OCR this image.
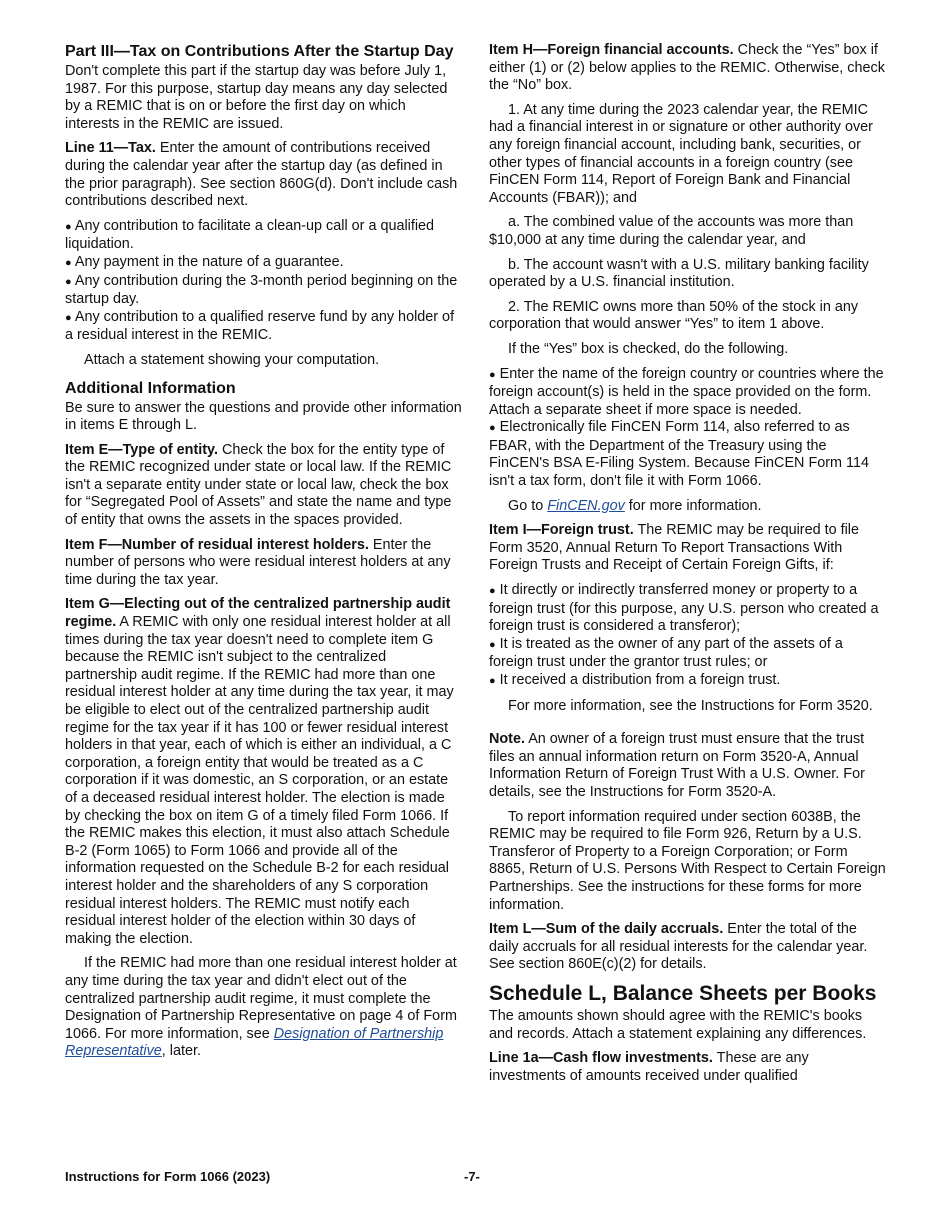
Part III—Tax on Contributions After the Startup Day

Don't complete this part if the startup day was before July 1, 1987. For this purpose, startup day means any day selected by a REMIC that is on or before the first day on which interests in the REMIC are issued.

Line 11—Tax. Enter the amount of contributions received during the calendar year after the startup day (as defined in the prior paragraph). See section 860G(d). Don't include cash contributions described next.

● Any contribution to facilitate a clean-up call or a qualified liquidation.

● Any payment in the nature of a guarantee.

● Any contribution during the 3-month period beginning on the startup day.

● Any contribution to a qualified reserve fund by any holder of a residual interest in the REMIC.

Attach a statement showing your computation.

Additional Information

Be sure to answer the questions and provide other information in items E through L.

Item E—Type of entity. Check the box for the entity type of the REMIC recognized under state or local law. If the REMIC isn't a separate entity under state or local law, check the box for “Segregated Pool of Assets” and state the name and type of entity that owns the assets in the spaces provided.

Item F—Number of residual interest holders. Enter the number of persons who were residual interest holders at any time during the tax year.

Item G—Electing out of the centralized partnership audit regime. A REMIC with only one residual interest holder at all times during the tax year doesn't need to complete item G because the REMIC isn't subject to the centralized partnership audit regime. If the REMIC had more than one residual interest holder at any time during the tax year, it may be eligible to elect out of the centralized partnership audit regime for the tax year if it has 100 or fewer residual interest holders in that year, each of which is either an individual, a C corporation, a foreign entity that would be treated as a C corporation if it was domestic, an S corporation, or an estate of a deceased residual interest holder. The election is made by checking the box on item G of a timely filed Form 1066. If the REMIC makes this election, it must also attach Schedule B-2 (Form 1065) to Form 1066 and provide all of the information requested on the Schedule B-2 for each residual interest holder and the shareholders of any S corporation residual interest holders. The REMIC must notify each residual interest holder of the election within 30 days of making the election.

If the REMIC had more than one residual interest holder at any time during the tax year and didn't elect out of the centralized partnership audit regime, it must complete the Designation of Partnership Representative on page 4 of Form 1066. For more information, see Designation of Partnership Representative, later.

Item H—Foreign financial accounts. Check the “Yes” box if either (1) or (2) below applies to the REMIC. Otherwise, check the “No” box.

1. At any time during the 2023 calendar year, the REMIC had a financial interest in or signature or other authority over any foreign financial account, including bank, securities, or other types of financial accounts in a foreign country (see FinCEN Form 114, Report of Foreign Bank and Financial Accounts (FBAR)); and

a. The combined value of the accounts was more than $10,000 at any time during the calendar year, and

b. The account wasn't with a U.S. military banking facility operated by a U.S. financial institution.

2. The REMIC owns more than 50% of the stock in any corporation that would answer “Yes” to item 1 above.

If the “Yes” box is checked, do the following.

● Enter the name of the foreign country or countries where the foreign account(s) is held in the space provided on the form. Attach a separate sheet if more space is needed.

● Electronically file FinCEN Form 114, also referred to as FBAR, with the Department of the Treasury using the FinCEN's BSA E-Filing System. Because FinCEN Form 114 isn't a tax form, don't file it with Form 1066.

Go to FinCEN.gov for more information.

Item I—Foreign trust. The REMIC may be required to file Form 3520, Annual Return To Report Transactions With Foreign Trusts and Receipt of Certain Foreign Gifts, if:

● It directly or indirectly transferred money or property to a foreign trust (for this purpose, any U.S. person who created a foreign trust is considered a transferor);

● It is treated as the owner of any part of the assets of a foreign trust under the grantor trust rules; or

● It received a distribution from a foreign trust.

For more information, see the Instructions for Form 3520.

Note. An owner of a foreign trust must ensure that the trust files an annual information return on Form 3520-A, Annual Information Return of Foreign Trust With a U.S. Owner. For details, see the Instructions for Form 3520-A.

To report information required under section 6038B, the REMIC may be required to file Form 926, Return by a U.S. Transferor of Property to a Foreign Corporation; or Form 8865, Return of U.S. Persons With Respect to Certain Foreign Partnerships. See the instructions for these forms for more information.

Item L—Sum of the daily accruals. Enter the total of the daily accruals for all residual interests for the calendar year. See section 860E(c)(2) for details.

Schedule L, Balance Sheets per Books

The amounts shown should agree with the REMIC's books and records. Attach a statement explaining any differences.

Line 1a—Cash flow investments. These are any investments of amounts received under qualified

Instructions for Form 1066 (2023)	-7-
